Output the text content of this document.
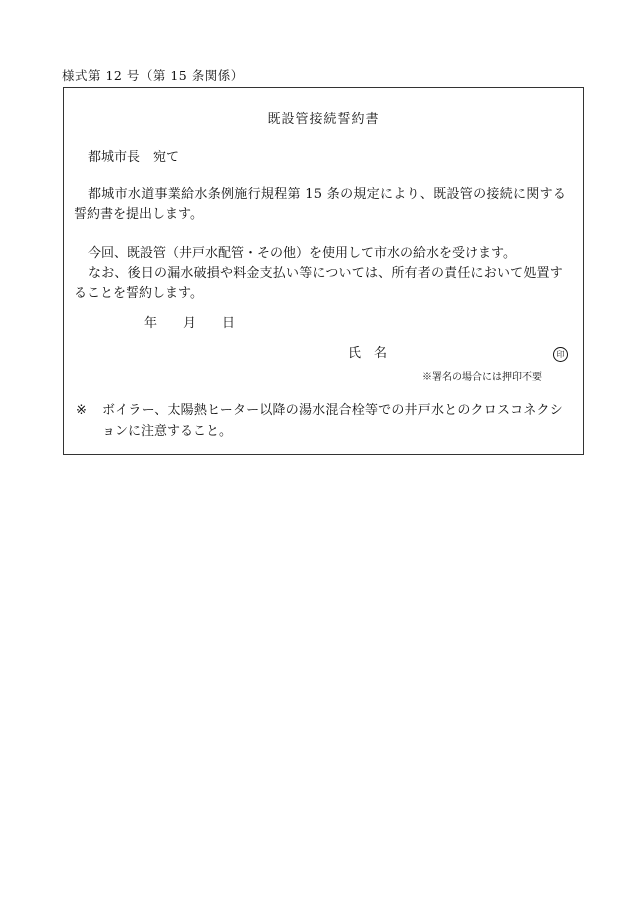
様式第 12 号（第 15 条関係）
既設管接続誓約書
都城市長　宛て
都城市水道事業給水条例施行規程第 15 条の規定により、既設管の接続に関する
誓約書を提出します。
今回、既設管（井戸水配管・その他）を使用して市水の給水を受けます。
なお、後日の漏水破損や料金支払い等については、所有者の責任において処置す
ることを誓約します。
年 月 日
氏　名	印
※署名の場合には押印不要
※ ボイラー、太陽熱ヒーター以降の湯水混合栓等での井戸水とのクロスコネクシ
ョンに注意すること。
